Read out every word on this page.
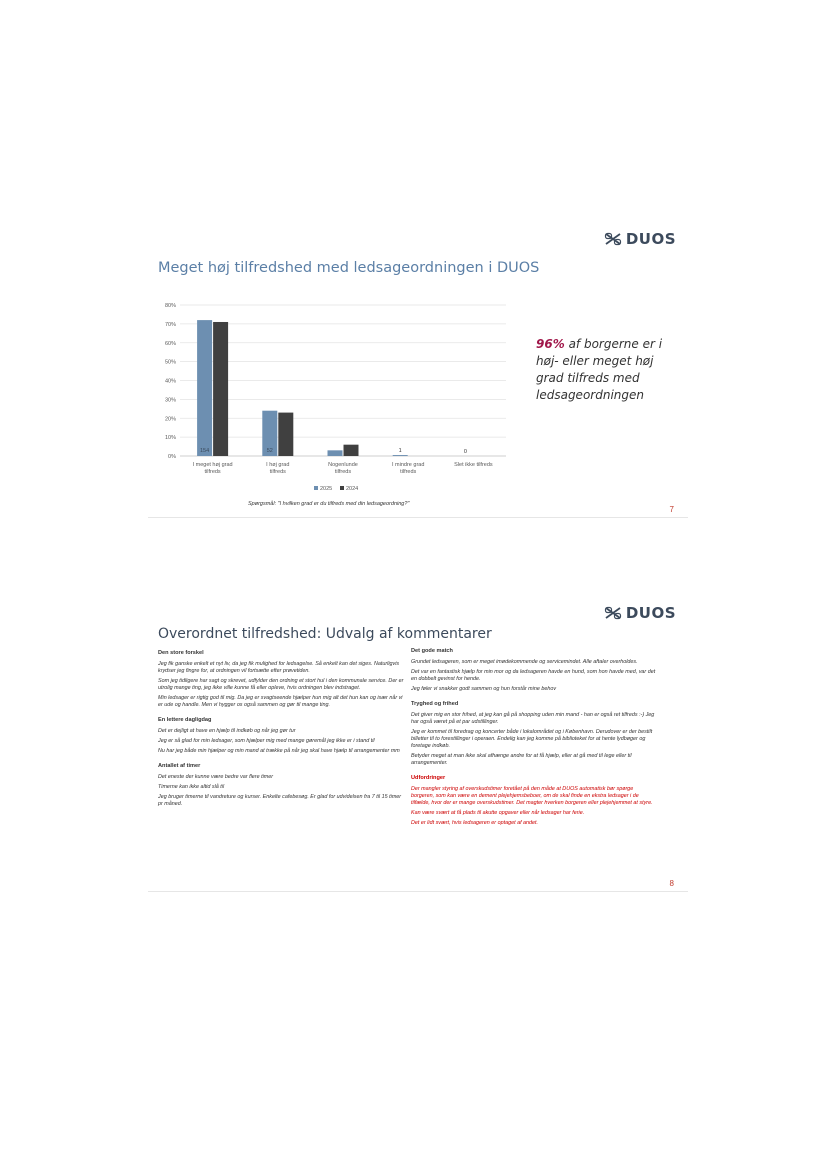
DUOS
Meget høj tilfredshed med ledsageordningen i DUOS
0%
10%
20%
30%
40%
50%
60%
70%
80%
154
I meget høj grad
tilfreds
52
I høj grad
tilfreds
Nogenlunde
tilfreds
1
I mindre grad
tilfreds
0
Slet ikke tilfreds
2025	2024
96% af borgerne er i høj- eller meget høj grad tilfreds med ledsageordningen
Spørgsmål: "I hvilken grad er du tilfreds med din ledsageordning?"
7
DUOS
Overordnet tilfredshed: Udvalg af kommentarer
Den store forskel

Jeg fik ganske enkelt et nyt liv, da jeg fik mulighed for ledsagelse. Så enkelt kan det siges. Naturligvis krydser jeg fingre for, at ordningen vil fortsætte efter prøvetiden.

Som jeg tidligere har sagt og skrevet, udfylder den ordning et stort hul i den kommunale service. Der er utrolig mange ting, jeg ikke ville kunne få eller opleve, hvis ordningen blev indstraget.

Min ledsager er rigtig god til mig. Da jeg er svagtseende hjælper hun mig alt det hun kan og især når vi er ude og handle. Men vi hygger os også sammen og gør til mange ting.

En lettere dagligdag

Det er dejligt at have en hjælp til indkøb og når jeg gør tur

Jeg er så glad for min ledsager, som hjælper mig med mange gøremål jeg ikke er i stand til

Nu har jeg både min hjælper og min mand at trække på når jeg skal have hjælp til arrangementer mm

Antallet af timer

Det eneste der kunne være bedre var flere timer

Timerne kan ikke altid slå til

Jeg bruger timerne til vandreture og kurser. Enkelte cafebesøg. Er glad for udvidelsen fra 7 til 15 timer pr måned.

Det gode match

Grundet ledsageren, som er meget imødekommende og servicemindet. Alle aftaler overholdes.

Det var en fantastisk hjælp for min mor og da ledsageren havde en hund, som hon havde med, var det en dobbelt gevinst for hende.

Jeg føler vi snakker godt sammen og hun forstår mine behov

Tryghed og frihed

Det giver mig en stor frihed, at jeg kan gå på shopping uden min mand - han er også ret tilfreds :-) Jeg har også været på et par udstillinger.

Jeg er kommet til foredrag og koncerter både i lokalområdet og i København. Derudover er der bestilt billetter til to forestillinger i operaen. Endelig kan jeg komme på biblioteket for at hente lydbøger og foretage indkøb.

Betyder meget at man ikke skal afhænge andre for at få hjælp, eller at gå med til lege eller til arrangementer.

Udfordringer

Der mangler styring af overskudstimer foretået på den måde at DUOS automatisk bør spørge borgeren, som kan være en dement plejehjemsbeboer, om de skal finde en ekstra ledsager i de tilfælde, hvor der er mange overskudstimer. Det magter hverken borgeren eller plejehjemmet at styre.

Kan være svært at få plads til akutte opgaver eller når ledsager har ferie.

Det er lidt svært, hvis ledsageren er optaget af andet.

8
